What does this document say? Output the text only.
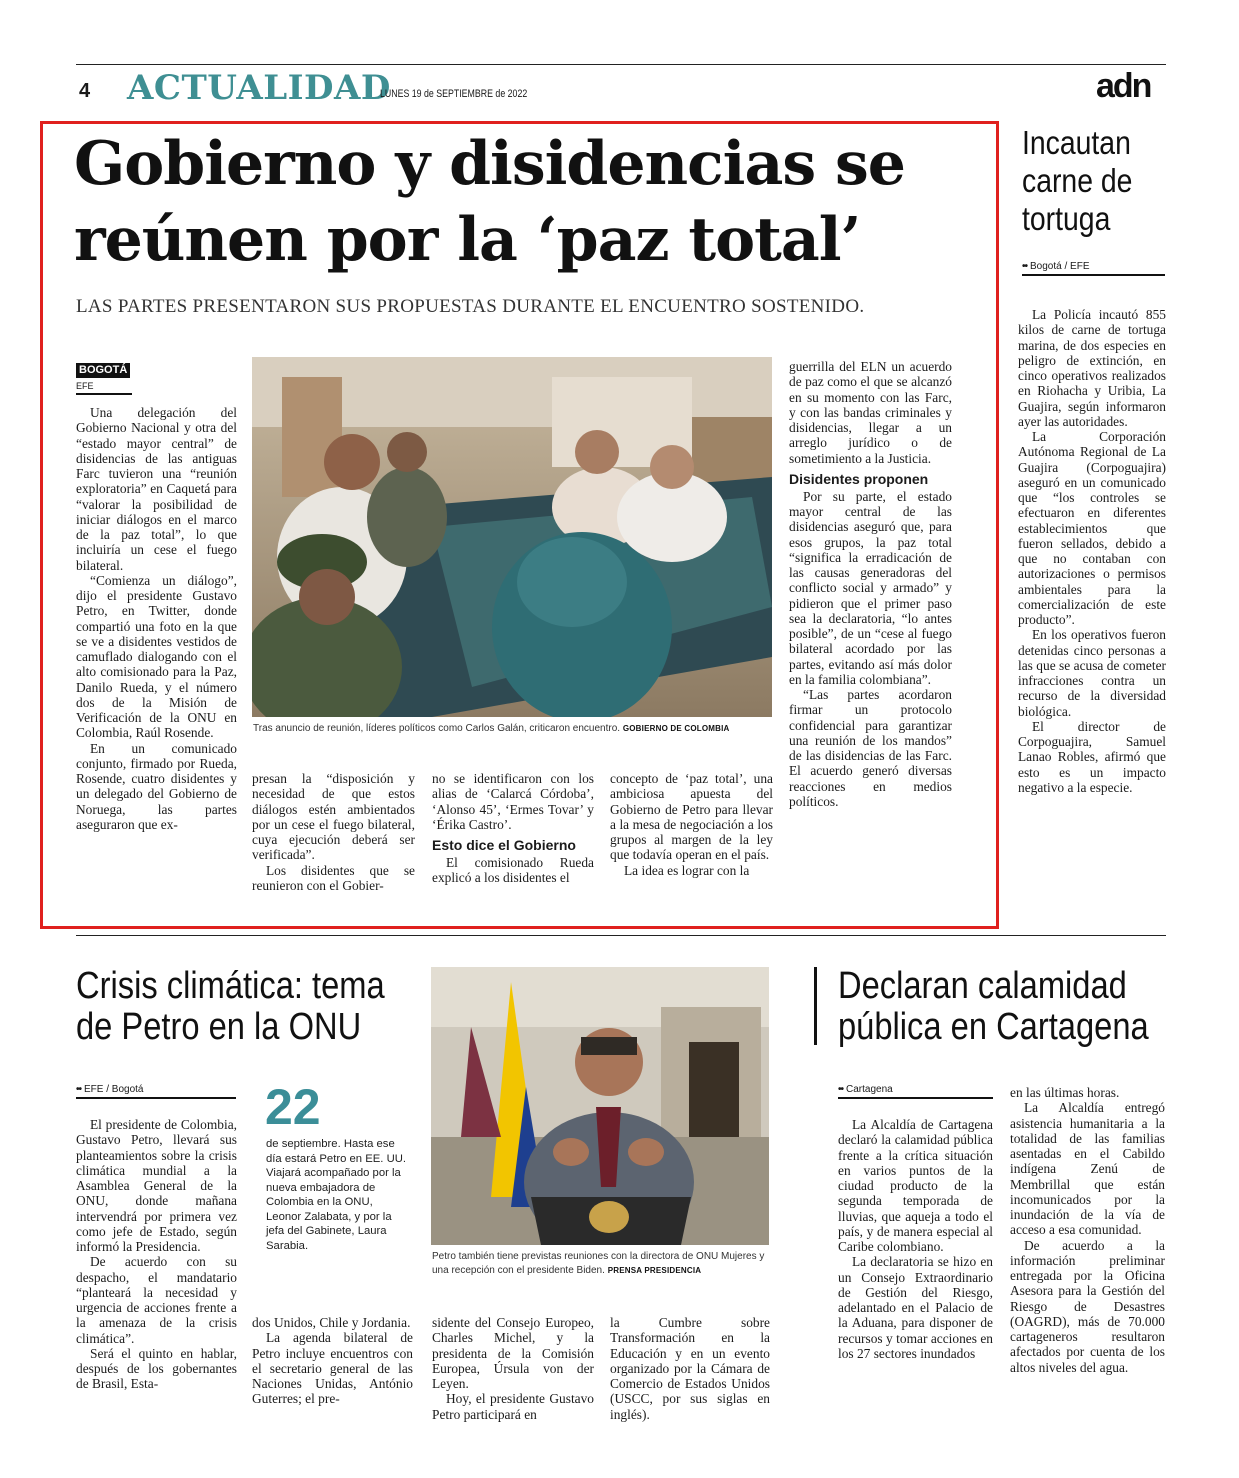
4 ACTUALIDAD
LUNES 19 de SEPTIEMBRE de 2022	adn
Gobierno y disidencias se
reúnen por la ‘paz total’
LAS PARTES PRESENTARON SUS PROPUESTAS DURANTE EL ENCUENTRO SOSTENIDO.
BOGOTÁ
EFE

Una delegación del Gobierno Nacional y otra del “estado mayor central” de disidencias de las antiguas Farc tuvieron una “reunión exploratoria” en Caquetá para “valorar la posibilidad de iniciar diálogos en el marco de la paz total”, lo que incluiría un cese el fuego bilateral.

“Comienza un diálogo”, dijo el presidente Gustavo Petro, en Twitter, donde compartió una foto en la que se ve a disidentes vestidos de camuflado dialogando con el alto comisionado para la Paz, Danilo Rueda, y el número dos de la Misión de Verificación de la ONU en Colombia, Raúl Rosende.

En un comunicado conjunto, firmado por Rueda, Rosende, cuatro disidentes y un delegado del Gobierno de Noruega, las partes aseguraron que ex-

Tras anuncio de reunión, líderes políticos como Carlos Galán, criticaron encuentro. GOBIERNO DE COLOMBIA

presan la “disposición y necesidad de que estos diálogos estén ambientados por un cese el fuego bilateral, cuya ejecución deberá ser verificada”.

Los disidentes que se reunieron con el Gobier-

no se identificaron con los alias de ‘Calarcá Córdoba’, ‘Alonso 45’, ‘Ermes Tovar’ y ‘Érika Castro’.

Esto dice el Gobierno

El comisionado Rueda explicó a los disidentes el

concepto de ‘paz total’, una ambiciosa apuesta del Gobierno de Petro para llevar a la mesa de negociación a los grupos al margen de la ley que todavía operan en el país.

La idea es lograr con la

guerrilla del ELN un acuerdo de paz como el que se alcanzó en su momento con las Farc, y con las bandas criminales y disidencias, llegar a un arreglo jurídico o de sometimiento a la Justicia.

Disidentes proponen

Por su parte, el estado mayor central de las disidencias aseguró que, para esos grupos, la paz total “significa la erradicación de las causas generadoras del conflicto social y armado” y pidieron que el primer paso sea la declaratoria, “lo antes posible”, de un “cese al fuego bilateral acordado por las partes, evitando así más dolor en la familia colombiana”.

“Las partes acordaron firmar un protocolo confidencial para garantizar una reunión de los mandos” de las disidencias de las Farc. El acuerdo generó diversas reacciones en medios políticos.

Incautan
carne de
tortuga
•• Bogotá / EFE

La Policía incautó 855 kilos de carne de tortuga marina, de dos especies en peligro de extinción, en cinco operativos realizados en Riohacha y Uribia, La Guajira, según informaron ayer las autoridades.

La Corporación Autónoma Regional de La Guajira (Corpoguajira) aseguró en un comunicado que “los controles se efectuaron en diferentes establecimientos que fueron sellados, debido a que no contaban con autorizaciones o permisos ambientales para la comercialización de este producto”.

En los operativos fueron detenidas cinco personas a las que se acusa de cometer infracciones contra un recurso de la diversidad biológica.

El director de Corpoguajira, Samuel Lanao Robles, afirmó que esto es un impacto negativo a la especie.

Crisis climática: tema
de Petro en la ONU
•• EFE / Bogotá

El presidente de Colombia, Gustavo Petro, llevará sus planteamientos sobre la crisis climática mundial a la Asamblea General de la ONU, donde mañana intervendrá por primera vez como jefe de Estado, según informó la Presidencia.

De acuerdo con su despacho, el mandatario “planteará la necesidad y urgencia de acciones frente a la amenaza de la crisis climática”.

Será el quinto en hablar, después de los gobernantes de Brasil, Esta-

22
de septiembre. Hasta ese día estará Petro en EE. UU. Viajará acompañado por la nueva embajadora de Colombia en la ONU, Leonor Zalabata, y por la jefa del Gabinete, Laura Sarabia.
Petro también tiene previstas reuniones con la directora de ONU Mujeres y una recepción con el presidente Biden. PRENSA PRESIDENCIA

dos Unidos, Chile y Jordania.

La agenda bilateral de Petro incluye encuentros con el secretario general de las Naciones Unidas, António Guterres; el pre-

sidente del Consejo Europeo, Charles Michel, y la presidenta de la Comisión Europea, Úrsula von der Leyen.

Hoy, el presidente Gustavo Petro participará en

la Cumbre sobre Transformación en la Educación y en un evento organizado por la Cámara de Comercio de Estados Unidos (USCC, por sus siglas en inglés).

Declaran calamidad
pública en Cartagena
•• Cartagena

La Alcaldía de Cartagena declaró la calamidad pública frente a la crítica situación en varios puntos de la ciudad producto de la segunda temporada de lluvias, que aqueja a todo el país, y de manera especial al Caribe colombiano.

La declaratoria se hizo en un Consejo Extraordinario de Gestión del Riesgo, adelantado en el Palacio de la Aduana, para disponer de recursos y tomar acciones en los 27 sectores inundados

en las últimas horas.

La Alcaldía entregó asistencia humanitaria a la totalidad de las familias asentadas en el Cabildo indígena Zenú de Membrillal que están incomunicados por la inundación de la vía de acceso a esa comunidad.

De acuerdo a la información preliminar entregada por la Oficina Asesora para la Gestión del Riesgo de Desastres (OAGRD), más de 70.000 cartageneros resultaron afectados por cuenta de los altos niveles del agua.
